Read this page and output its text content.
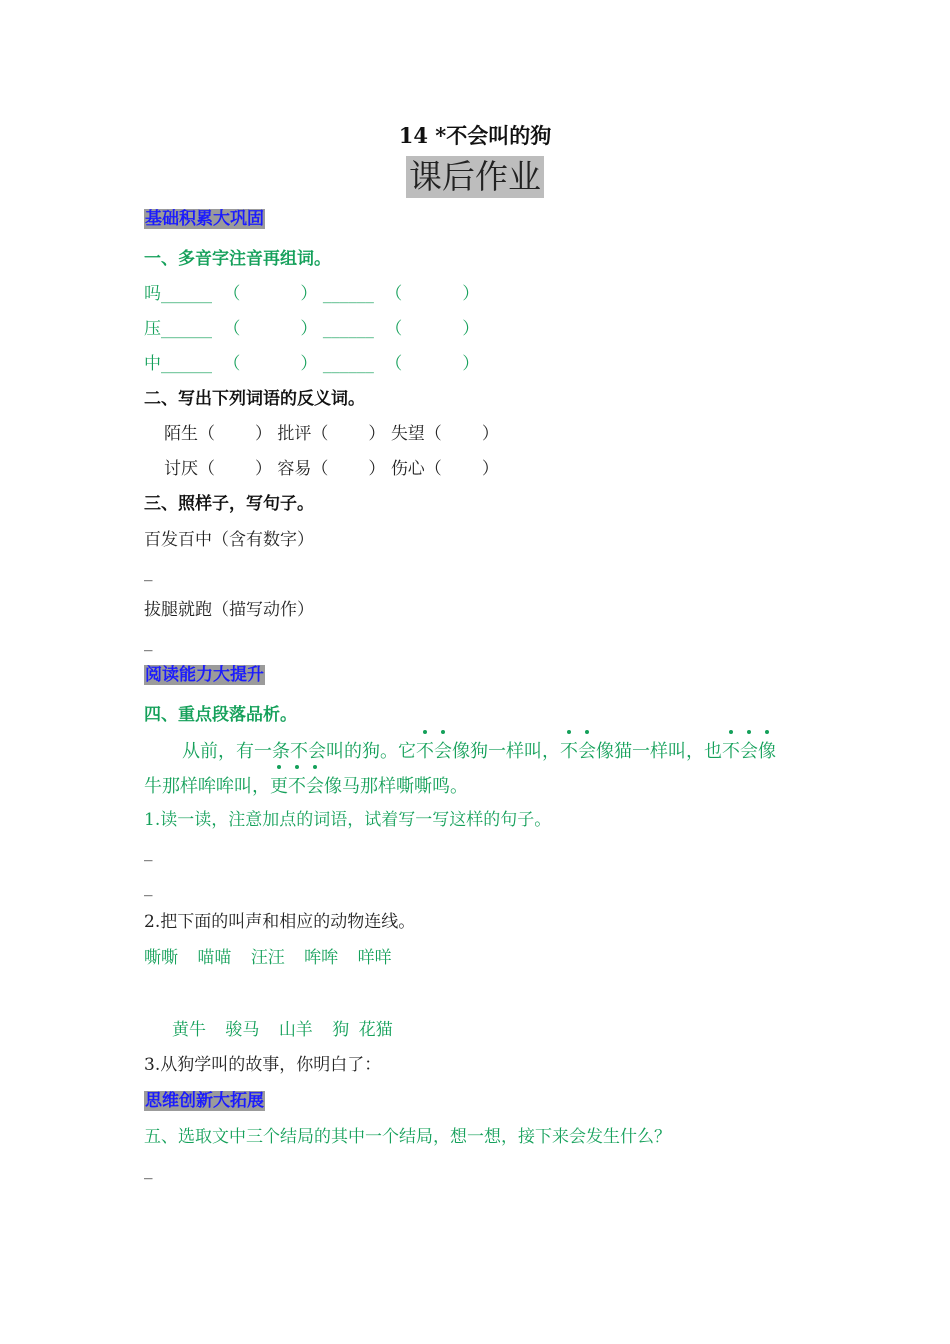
14 *不会叫的狗
课后作业
基础积累大巩固
一、多音字注音再组词。
吗______ （	） ______ （	）
压______ （	） ______ （	）
中______ （	） ______ （	）
二、写出下列词语的反义词。
陌生（ ） 批评（ ） 失望（ ）
讨厌（ ） 容易（ ） 伤心（ ）
三、照样子，写句子。
百发百中（含有数字）
_
拔腿就跑（描写动作）
_
阅读能力大提升
四、重点段落品析。
从前，有一条不会叫的狗。它不会像狗一样叫，不会像猫一样叫，也不会像
牛那样哞哞叫，更不会像马那样嘶嘶鸣。
1.读一读，注意加点的词语，试着写一写这样的句子。
_
_
2.把下面的叫声和相应的动物连线。
嘶嘶 喵喵 汪汪 哞哞 咩咩
黄牛 骏马 山羊 狗 花猫
3.从狗学叫的故事，你明白了：
思维创新大拓展
五、选取文中三个结局的其中一个结局，想一想，接下来会发生什么？
_
